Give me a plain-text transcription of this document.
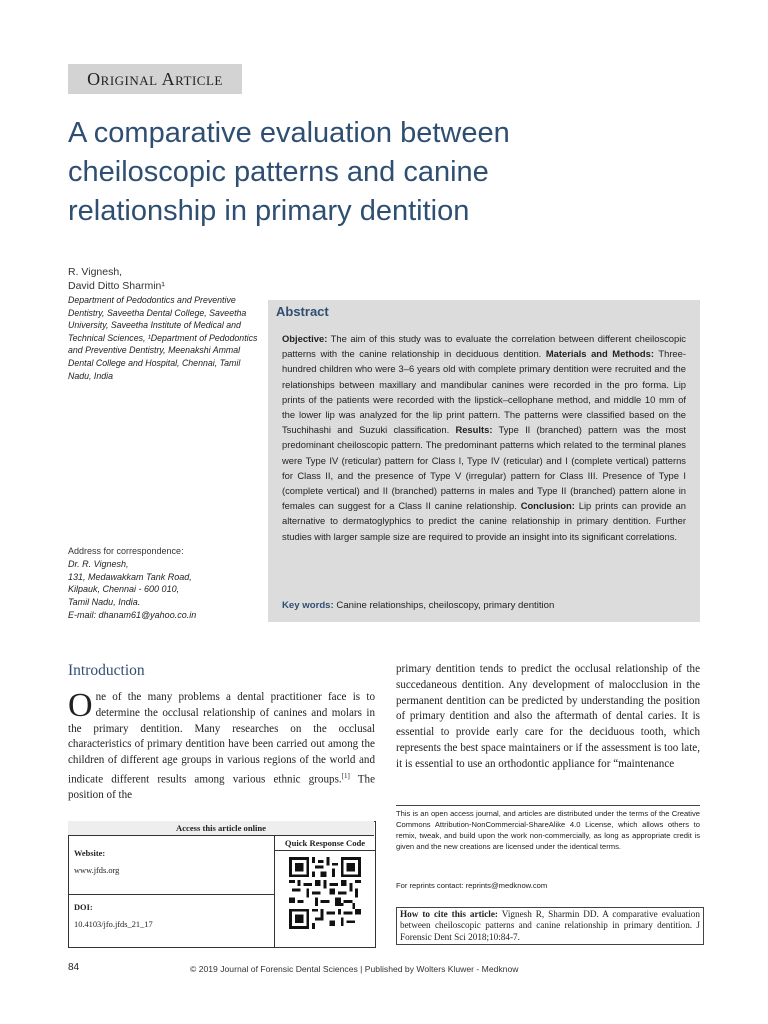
Original Article
A comparative evaluation between cheiloscopic patterns and canine relationship in primary dentition
R. Vignesh,
David Ditto Sharmin¹
Department of Pedodontics and Preventive Dentistry, Saveetha Dental College, Saveetha University, Saveetha Institute of Medical and Technical Sciences, ¹Department of Pedodontics and Preventive Dentistry, Meenakshi Ammal Dental College and Hospital, Chennai, Tamil Nadu, India
Abstract
Objective: The aim of this study was to evaluate the correlation between different cheiloscopic patterns with the canine relationship in deciduous dentition. Materials and Methods: Three-hundred children who were 3–6 years old with complete primary dentition were recruited and the relationships between maxillary and mandibular canines were recorded in the pro forma. Lip prints of the patients were recorded with the lipstick–cellophane method, and middle 10 mm of the lower lip was analyzed for the lip print pattern. The patterns were classified based on the Tsuchihashi and Suzuki classification. Results: Type II (branched) pattern was the most predominant cheiloscopic pattern. The predominant patterns which related to the terminal planes were Type IV (reticular) pattern for Class I, Type IV (reticular) and I (complete vertical) patterns for Class II, and the presence of Type V (irregular) pattern for Class III. Presence of Type I (complete vertical) and II (branched) patterns in males and Type II (branched) pattern alone in females can suggest for a Class II canine relationship. Conclusion: Lip prints can provide an alternative to dermatoglyphics to predict the canine relationship in primary dentition. Further studies with larger sample size are required to provide an insight into its significant correlations.
Key words: Canine relationships, cheiloscopy, primary dentition
Address for correspondence:
Dr. R. Vignesh,
131, Medawakkam Tank Road,
Kilpauk, Chennai - 600 010,
Tamil Nadu, India.
E-mail: dhanam61@yahoo.co.in
Introduction
One of the many problems a dental practitioner face is to determine the occlusal relationship of canines and molars in the primary dentition. Many researches on the occlusal characteristics of primary dentition have been carried out among the children of different age groups in various regions of the world and indicate different results among various ethnic groups.[1] The position of the
primary dentition tends to predict the occlusal relationship of the succedaneous dentition. Any development of malocclusion in the permanent dentition can be predicted by understanding the position of primary dentition and also the aftermath of dental caries. It is essential to provide early care for the deciduous tooth, which represents the best space maintainers or if the assessment is too late, it is essential to use an orthodontic appliance for “maintenance
This is an open access journal, and articles are distributed under the terms of the Creative Commons Attribution-NonCommercial-ShareAlike 4.0 License, which allows others to remix, tweak, and build upon the work non-commercially, as long as appropriate credit is given and the new creations are licensed under the identical terms.
For reprints contact: reprints@medknow.com
How to cite this article: Vignesh R, Sharmin DD. A comparative evaluation between cheiloscopic patterns and canine relationship in primary dentition. J Forensic Dent Sci 2018;10:84-7.
Access this article online
Quick Response Code
Website:
www.jfds.org
DOI:
10.4103/jfo.jfds_21_17
84	© 2019 Journal of Forensic Dental Sciences | Published by Wolters Kluwer - Medknow
